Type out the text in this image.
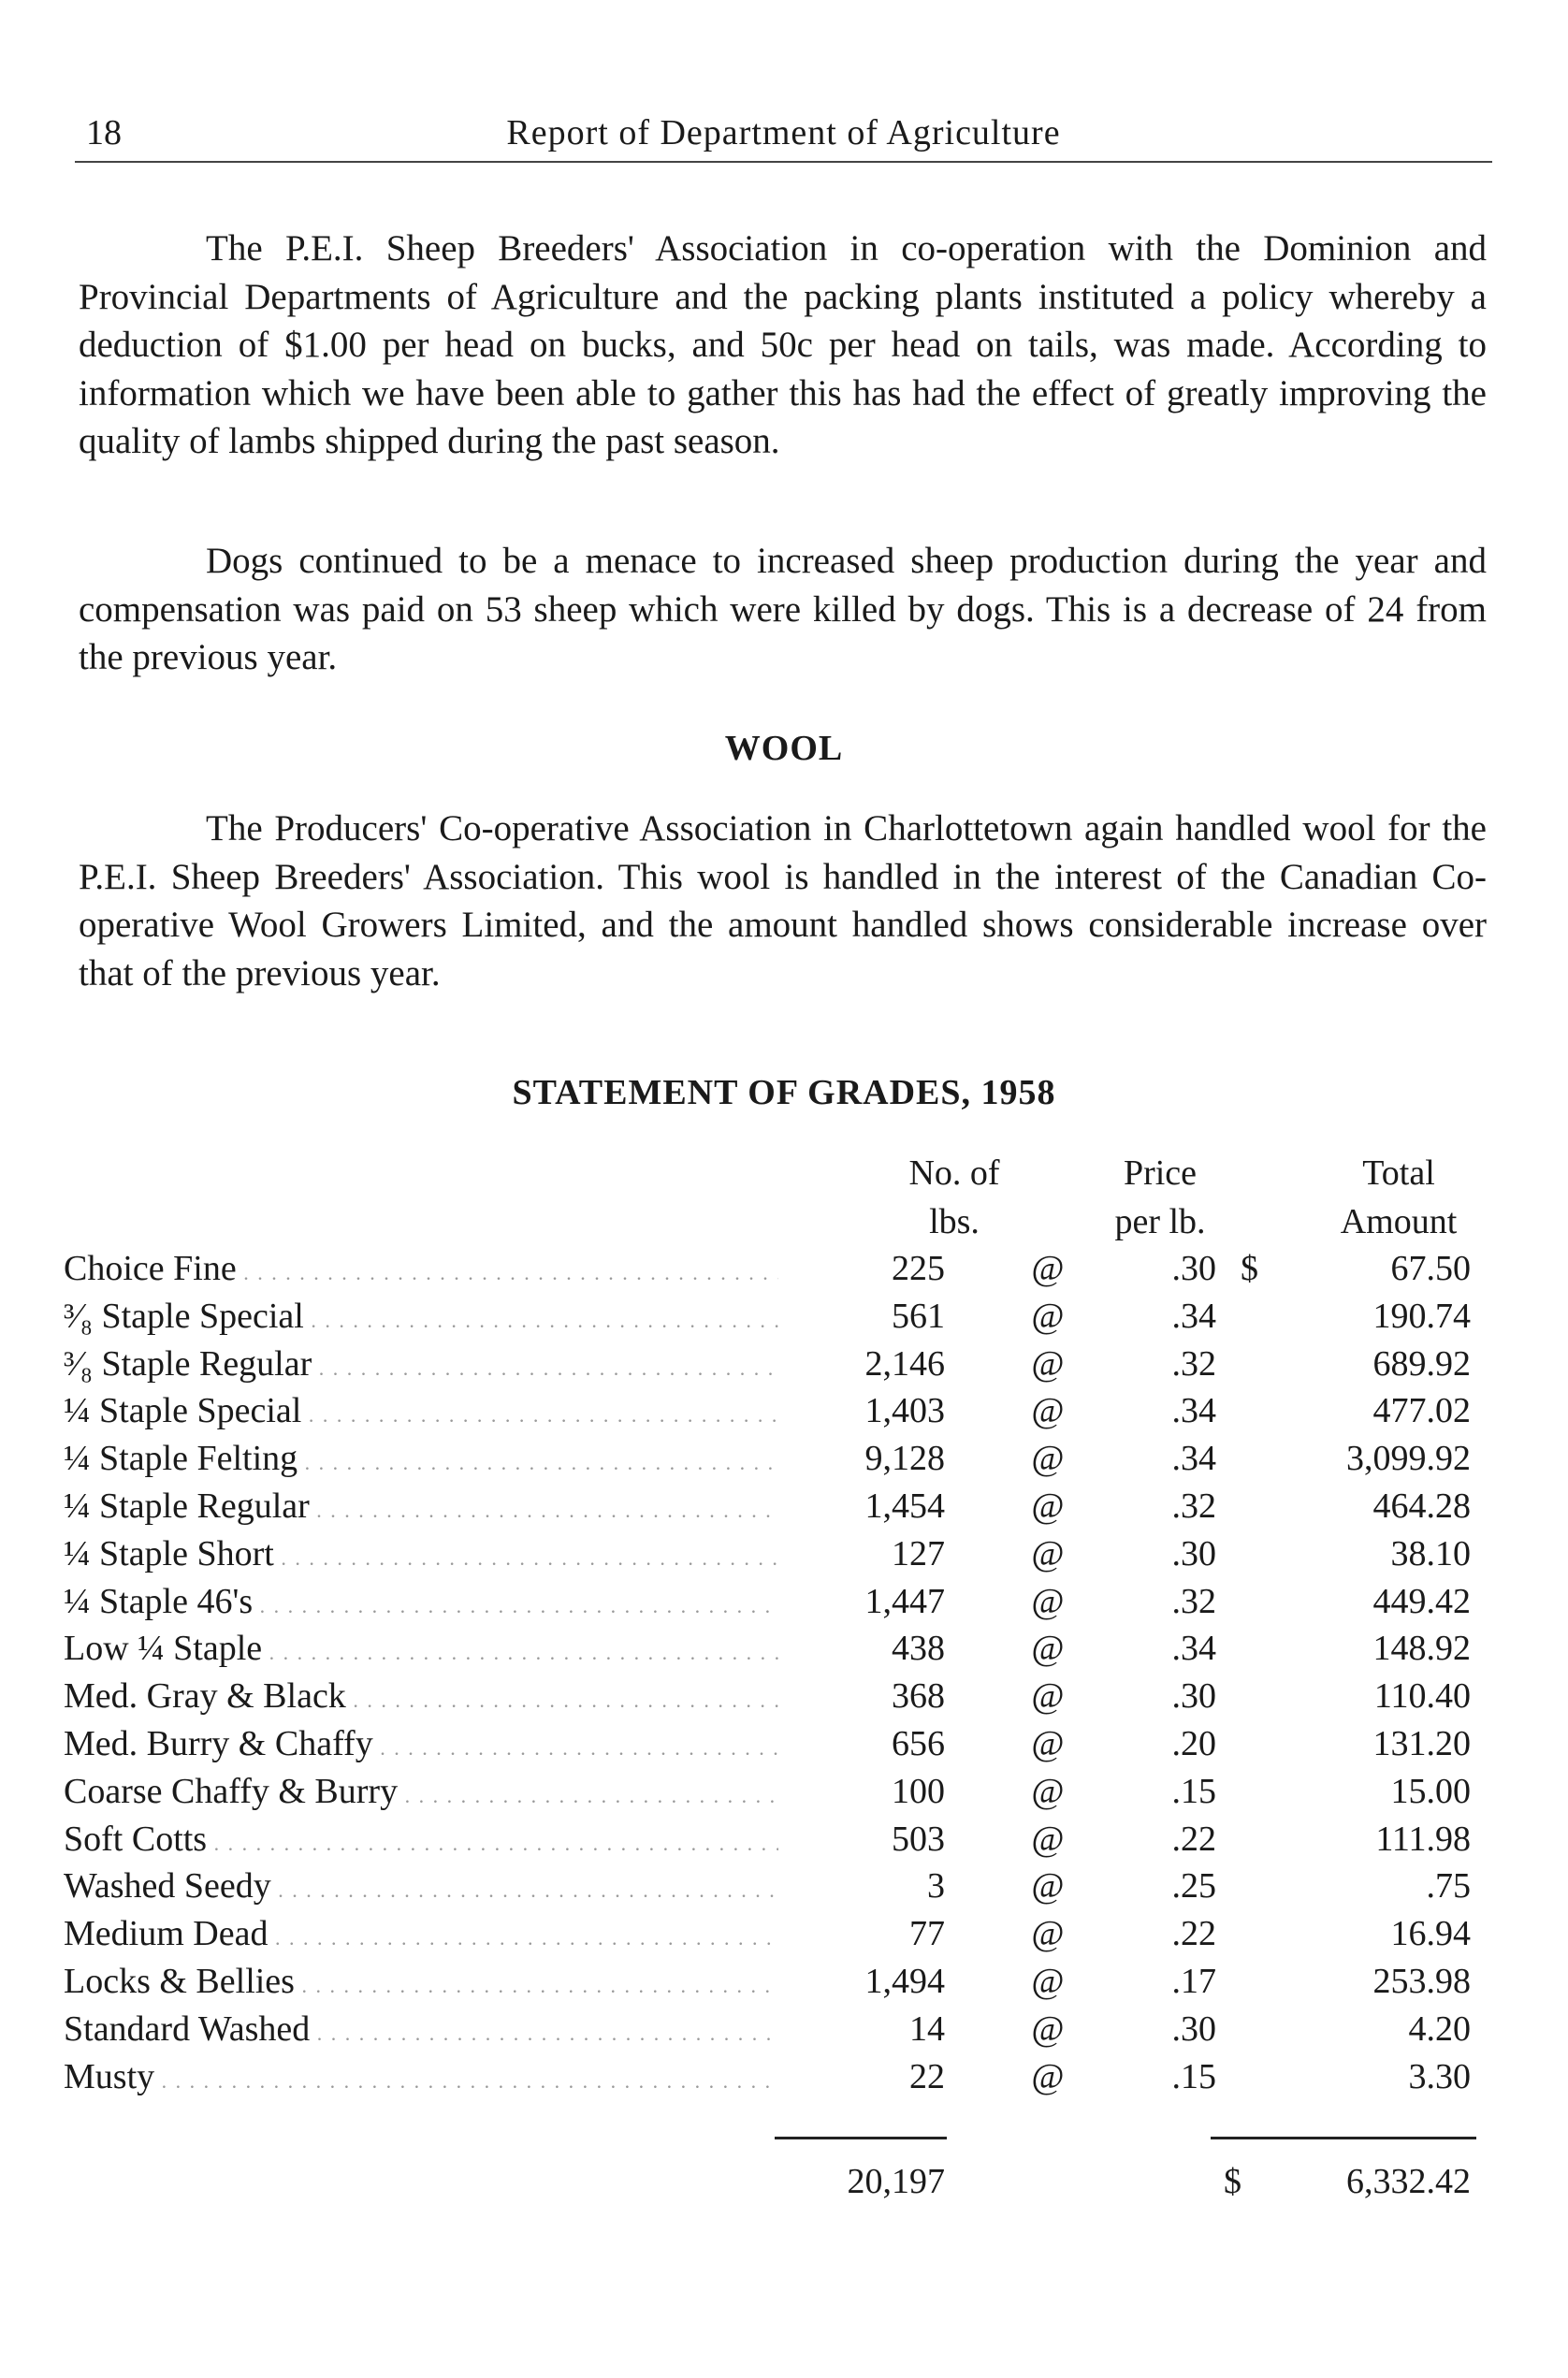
18	Report of Department of Agriculture

The P.E.I. Sheep Breeders' Association in co-operation with the Dominion and Provincial Departments of Agriculture and the packing plants instituted a policy whereby a deduction of $1.00 per head on bucks, and 50c per head on tails, was made. According to information which we have been able to gather this has had the effect of greatly improving the quality of lambs shipped during the past season.

Dogs continued to be a menace to increased sheep production during the year and compensation was paid on 53 sheep which were killed by dogs. This is a decrease of 24 from the previous year.

WOOL

The Producers' Co-operative Association in Charlottetown again handled wool for the P.E.I. Sheep Breeders' Association. This wool is handled in the interest of the Canadian Co-operative Wool Growers Limited, and the amount handled shows considerable increase over that of the previous year.

STATEMENT OF GRADES, 1958
No. of
lbs.
Price
per lb.
Total
Amount
Choice Fine . . .	225 @	.30 $	67.50
³⁄₈ Staple Special . . .	561 @	.34	190.74
³⁄₈ Staple Regular . . .	2,146 @	.32	689.92
¼ Staple Special . . .	1,403 @	.34	477.02
¼ Staple Felting . . .	9,128 @	.34	3,099.92
¼ Staple Regular . . .	1,454 @	.32	464.28
¼ Staple Short . . .	127 @	.30	38.10
¼ Staple 46's . . .	1,447 @	.32	449.42
Low ¼ Staple . . .	438 @	.34	148.92
Med. Gray & Black . . .	368 @	.30	110.40
Med. Burry & Chaffy . . .	656 @	.20	131.20
Coarse Chaffy & Burry . . .	100 @	.15	15.00
Soft Cotts . . .	503 @	.22	111.98
Washed Seedy . . .	3 @	.25	.75
Medium Dead . . .	77 @	.22	16.94
Locks & Bellies . . .	1,494 @	.17	253.98
Standard Washed . . .	14 @	.30	4.20
Musty . . .	22 @	.15	3.30
20,197	$	6,332.42
